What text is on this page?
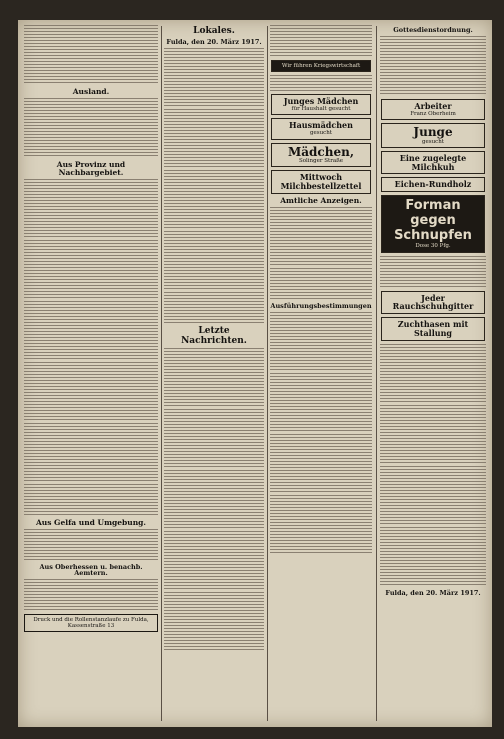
Ausland.
Aus Provinz und Nachbargebiet.
Aus Gelfa und Umgebung.
Aus Oberhessen u. benachb. Aemtern.
Druck und die Rollenstanzlaufe zu Fulda, Kassenstraße 13
Lokales.
Fulda, den 20. März 1917.
Letzte Nachrichten.
Wir führen Kriegswirtschaft
Junges Mädchen
für Haushalt gesucht
Hausmädchen
gesucht
Mädchen,
Solinger Straße
Mittwoch Milchbestellzettel
Amtliche Anzeigen.
Ausführungsbestimmungen
Gottesdienstordnung.
Arbeiter
Franz Oberheim
Junge
gesucht
Eine zugelegte Milchkuh
Eichen-Rundholz
Forman gegen Schnupfen
Dose 30 Pfg.
Jeder Rauchschuhgitter
Zuchthasen mit Stallung
Fulda, den 20. März 1917.
